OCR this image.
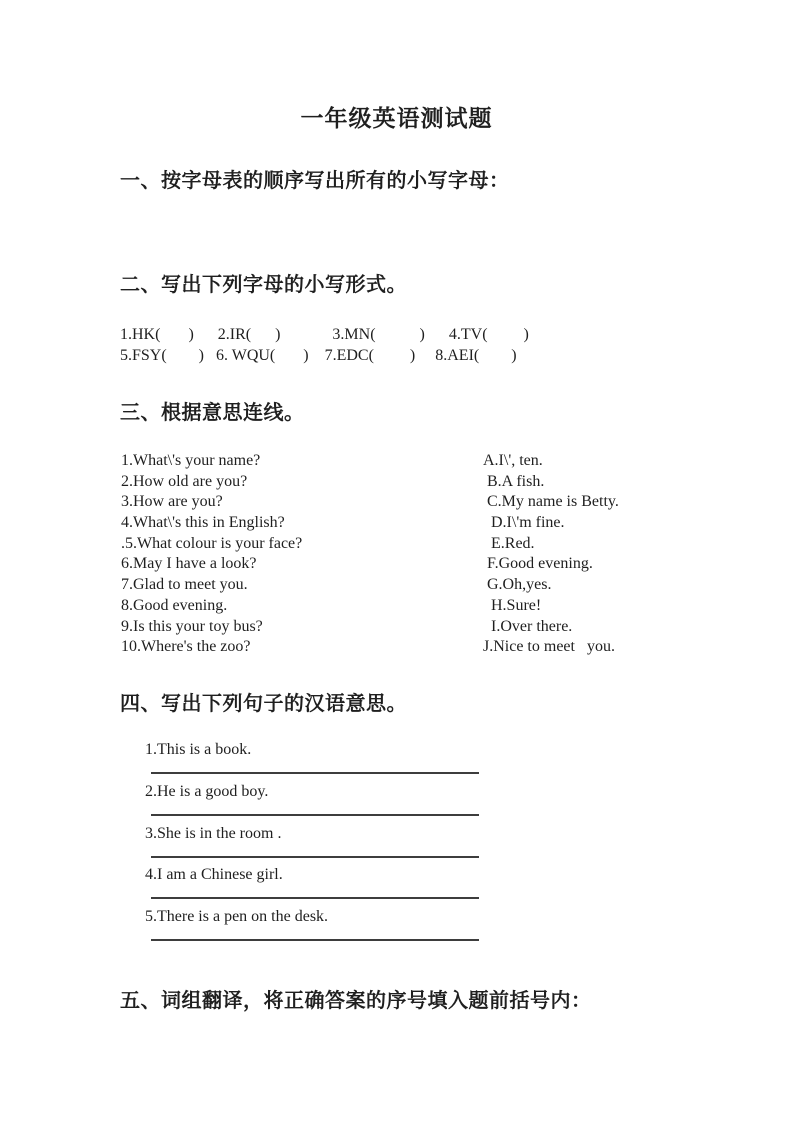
一年级英语测试题
一、按字母表的顺序写出所有的小写字母：
二、写出下列字母的小写形式。
1.HK(       )      2.IR(      )             3.MN(           )      4.TV(         )
5.FSY(        )   6. WQU(       )    7.EDC(         )     8.AEI(        )
三、根据意思连线。
1.What\'s your name?	A.I\', ten.
2.How old are you?	B.A fish.
3.How are you?	C.My name is Betty.
4.What\'s this in English?	D.I\'m fine.
.5.What colour is your face?	E.Red.
6.May I have a look?	F.Good evening.
7.Glad to meet you.	G.Oh,yes.
8.Good evening.	H.Sure!
9.Is this your toy bus?	I.Over there.
10.Where's the zoo?	J.Nice to meet   you.
四、写出下列句子的汉语意思。
1.This is a book.
2.He is a good boy.
3.She is in the room .
4.I am a Chinese girl.
5.There is a pen on the desk.
五、词组翻译，将正确答案的序号填入题前括号内：
